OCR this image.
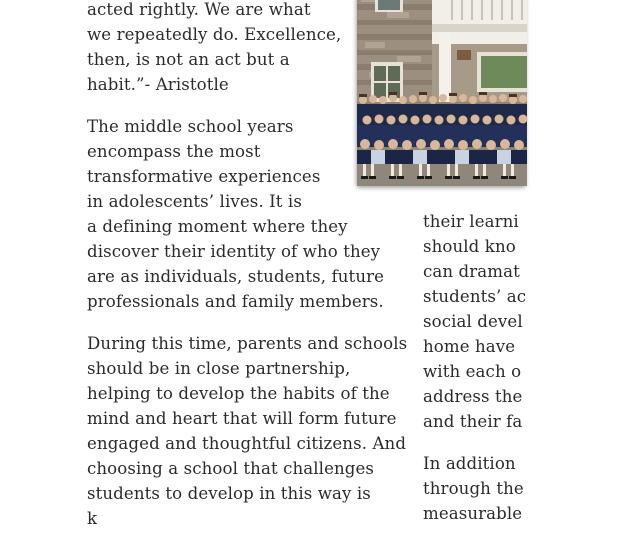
acted rightly. We are what
we repeatedly do. Excellence,
then, is not an act but a
habit.”- Aristotle

The middle school years
encompass the most
transformative experiences
in adolescents’ lives. It is
a defining moment where they
discover their identity of who they
are as individuals, students, future
professionals and family members.

During this time, parents and schools
should be in close partnership,
helping to develop the habits of the
mind and heart that will form future
engaged and thoughtful citizens. And
choosing a school that challenges
students to develop in this way is
k

their learni
should kno
can dramat
students’ ac
social devel
home have
with each o
address the
and their fa

In addition
through the
measurable
